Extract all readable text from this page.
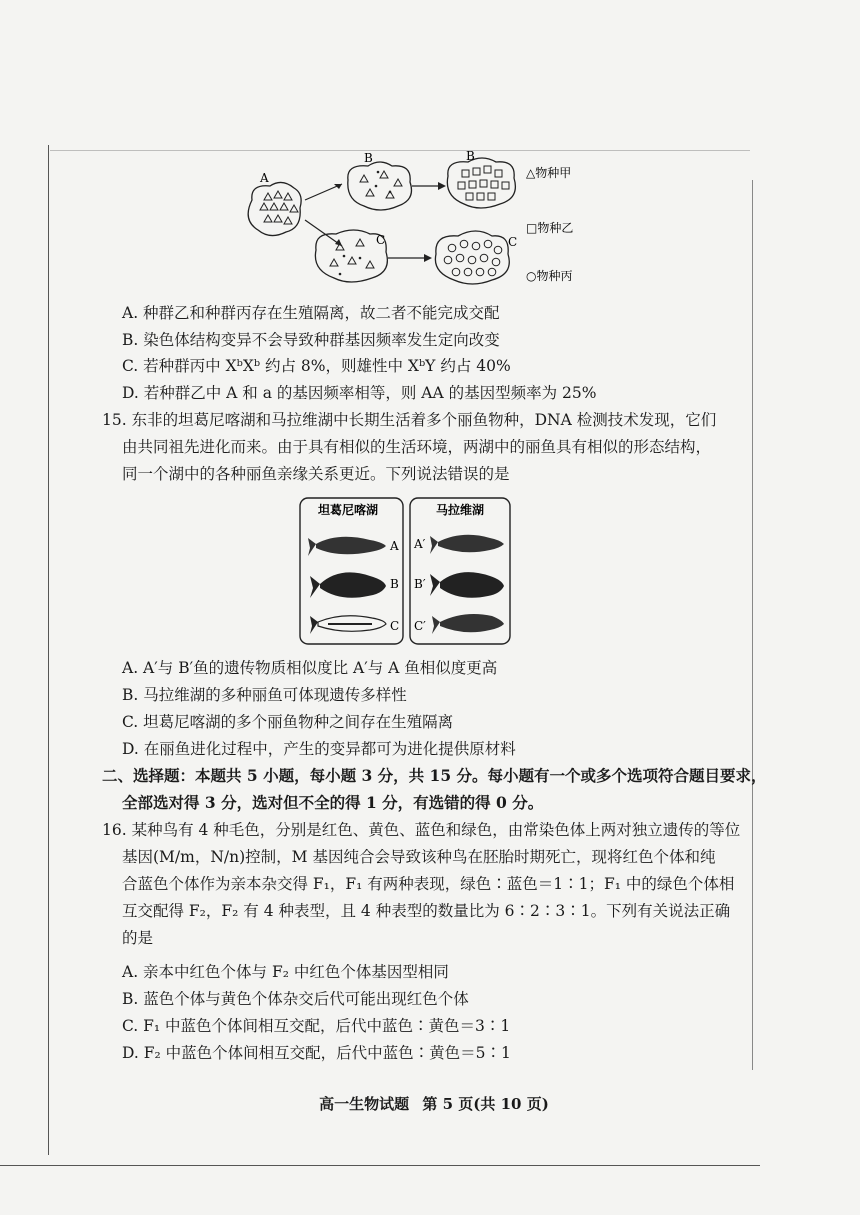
A
B
C
B
C
△物种甲
□物种乙
○物种丙
A. 种群乙和种群丙存在生殖隔离，故二者不能完成交配
B. 染色体结构变异不会导致种群基因频率发生定向改变
C. 若种群丙中 XᵇXᵇ 约占 8%，则雄性中 XᵇY 约占 40%
D. 若种群乙中 A 和 a 的基因频率相等，则 AA 的基因型频率为 25%
15. 东非的坦葛尼喀湖和马拉维湖中长期生活着多个丽鱼物种，DNA 检测技术发现，它们
由共同祖先进化而来。由于具有相似的生活环境，两湖中的丽鱼具有相似的形态结构，
同一个湖中的各种丽鱼亲缘关系更近。下列说法错误的是
坦葛尼喀湖	马拉维湖
A
B
C
A′
B′
C′
A. A′与 B′鱼的遗传物质相似度比 A′与 A 鱼相似度更高
B. 马拉维湖的多种丽鱼可体现遗传多样性
C. 坦葛尼喀湖的多个丽鱼物种之间存在生殖隔离
D. 在丽鱼进化过程中，产生的变异都可为进化提供原材料
二、选择题：本题共 5 小题，每小题 3 分，共 15 分。每小题有一个或多个选项符合题目要求，
全部选对得 3 分，选对但不全的得 1 分，有选错的得 0 分。
16. 某种鸟有 4 种毛色，分别是红色、黄色、蓝色和绿色，由常染色体上两对独立遗传的等位
基因(M/m，N/n)控制，M 基因纯合会导致该种鸟在胚胎时期死亡，现将红色个体和纯
合蓝色个体作为亲本杂交得 F₁，F₁ 有两种表现，绿色∶蓝色＝1∶1；F₁ 中的绿色个体相
互交配得 F₂，F₂ 有 4 种表型，且 4 种表型的数量比为 6∶2∶3∶1。下列有关说法正确
的是
A. 亲本中红色个体与 F₂ 中红色个体基因型相同
B. 蓝色个体与黄色个体杂交后代可能出现红色个体
C. F₁ 中蓝色个体间相互交配，后代中蓝色∶黄色＝3∶1
D. F₂ 中蓝色个体间相互交配，后代中蓝色∶黄色＝5∶1
高一生物试题 第 5 页(共 10 页)
